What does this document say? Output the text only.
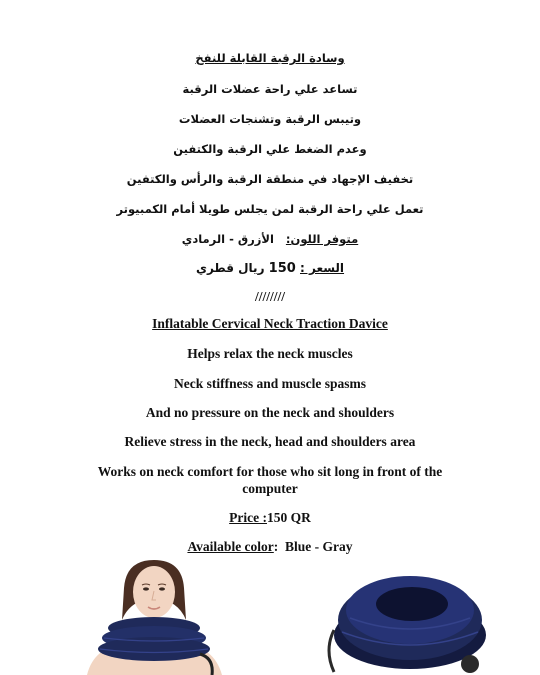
وسادة الرقبة القابلة للنفخ
تساعد علي راحة عضلات الرقبة
وتيبس الرقبة وتشنجات العضلات
وعدم الضغط علي الرقبة والكتفين
تخفيف الإجهاد في منطقة الرقبة والرأس والكتفين
تعمل علي راحة الرقبة لمن يجلس طويلا أمام الكمبيوتر
متوفر اللون:   الأزرق - الرمادي
السعر : 150 ريال قطري
////////
Inflatable Cervical Neck Traction Davice
Helps relax the neck muscles
Neck stiffness and muscle spasms
And no pressure on the neck and shoulders
Relieve stress in the neck, head and shoulders area
Works on neck comfort for those who sit long in front of the computer
Price :150 QR
Available color:  Blue - Gray
